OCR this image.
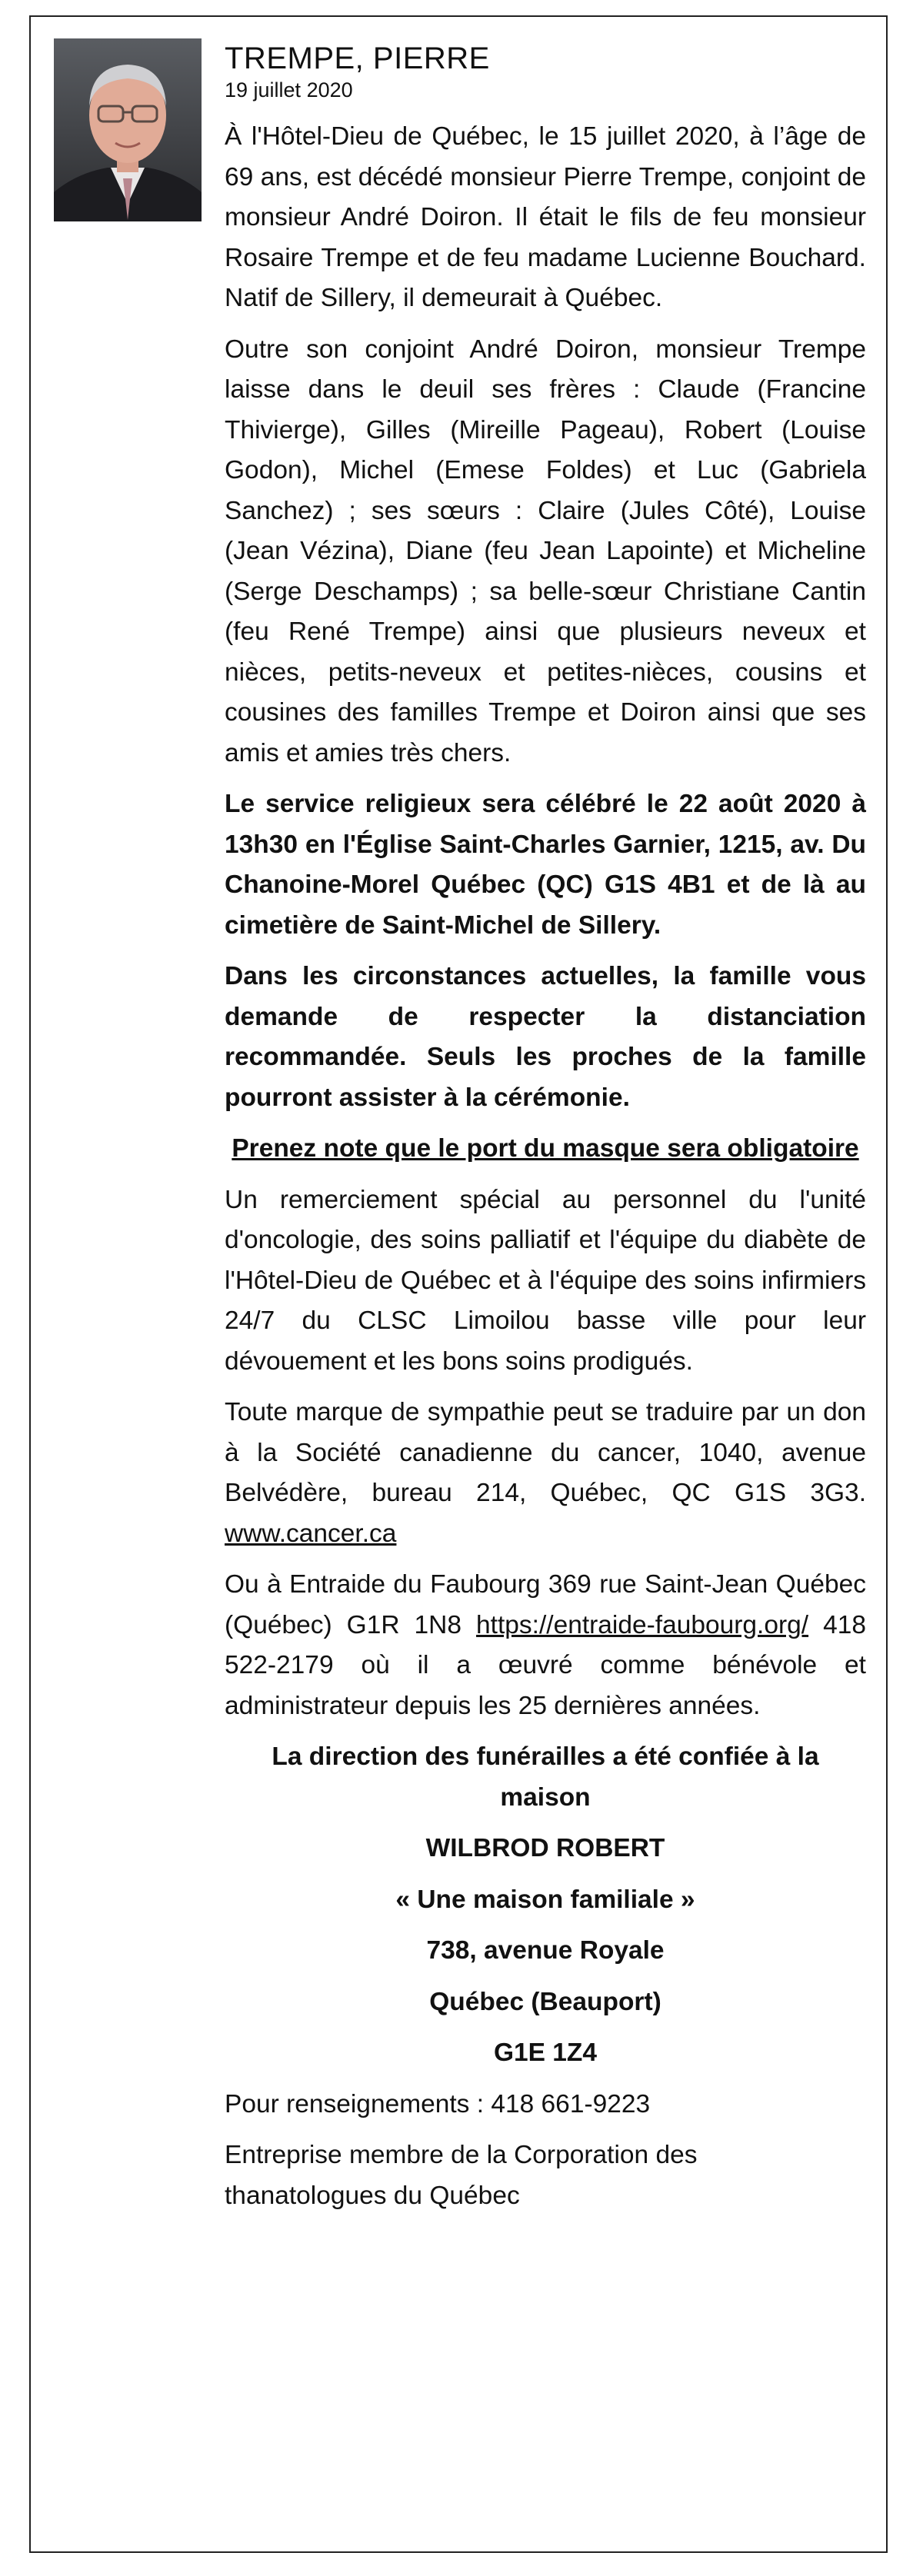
TREMPE, PIERRE
19 juillet 2020

À l'Hôtel-Dieu de Québec, le 15 juillet 2020, à l’âge de 69 ans, est décédé monsieur Pierre Trempe, conjoint de monsieur André Doiron. Il était le fils de feu monsieur Rosaire Trempe et de feu madame Lucienne Bouchard. Natif de Sillery, il demeurait à Québec.

Outre son conjoint André Doiron, monsieur Trempe laisse dans le deuil ses frères : Claude (Francine Thivierge), Gilles (Mireille Pageau), Robert (Louise Godon), Michel (Emese Foldes) et Luc (Gabriela Sanchez) ; ses sœurs : Claire (Jules Côté), Louise (Jean Vézina), Diane (feu Jean Lapointe) et Micheline (Serge Deschamps) ; sa belle-sœur Christiane Cantin (feu René Trempe) ainsi que plusieurs neveux et nièces, petits-neveux et petites-nièces, cousins et cousines des familles Trempe et Doiron ainsi que ses amis et amies très chers.

Le service religieux sera célébré le 22 août 2020 à 13h30 en l'Église Saint-Charles Garnier, 1215, av. Du Chanoine-Morel Québec (QC) G1S 4B1 et de là au cimetière de Saint-Michel de Sillery.

Dans les circonstances actuelles, la famille vous demande de respecter la distanciation recommandée. Seuls les proches de la famille pourront assister à la cérémonie.

Prenez note que le port du masque sera obligatoire

Un remerciement spécial au personnel du l'unité d'oncologie, des soins palliatif et l'équipe du diabète de l'Hôtel-Dieu de Québec et à l'équipe des soins infirmiers 24/7 du CLSC Limoilou basse ville pour leur dévouement et les bons soins prodigués.

Toute marque de sympathie peut se traduire par un don à la Société canadienne du cancer, 1040, avenue Belvédère, bureau 214, Québec, QC G1S 3G3. www.cancer.ca

Ou à Entraide du Faubourg 369 rue Saint-Jean Québec (Québec) G1R 1N8 https://entraide-faubourg.org/ 418 522-2179 où il a œuvré comme bénévole et administrateur depuis les 25 dernières années.

La direction des funérailles a été confiée à la maison

WILBROD ROBERT

« Une maison familiale »

738, avenue Royale

Québec (Beauport)

G1E 1Z4

Pour renseignements : 418 661-9223

Entreprise membre de la Corporation des thanatologues du Québec
